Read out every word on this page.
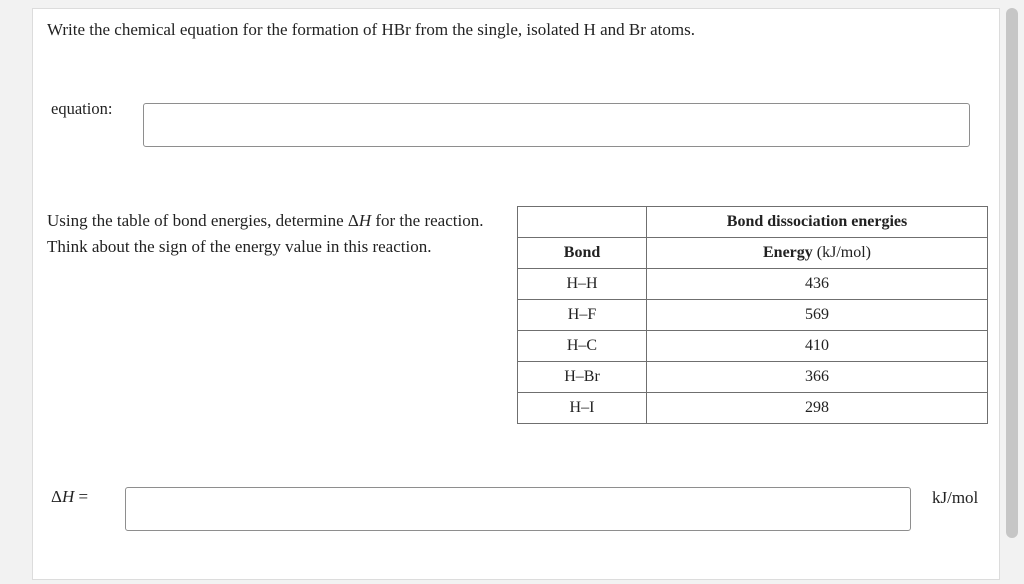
Write the chemical equation for the formation of HBr from the single, isolated H and Br atoms.
equation:
Using the table of bond energies, determine ΔH for the reaction. Think about the sign of the energy value in this reaction.
	Bond dissociation energies
Bond	Energy (kJ/mol)
H–H	436
H–F	569
H–C	410
H–Br	366
H–I	298
ΔH =	kJ/mol
